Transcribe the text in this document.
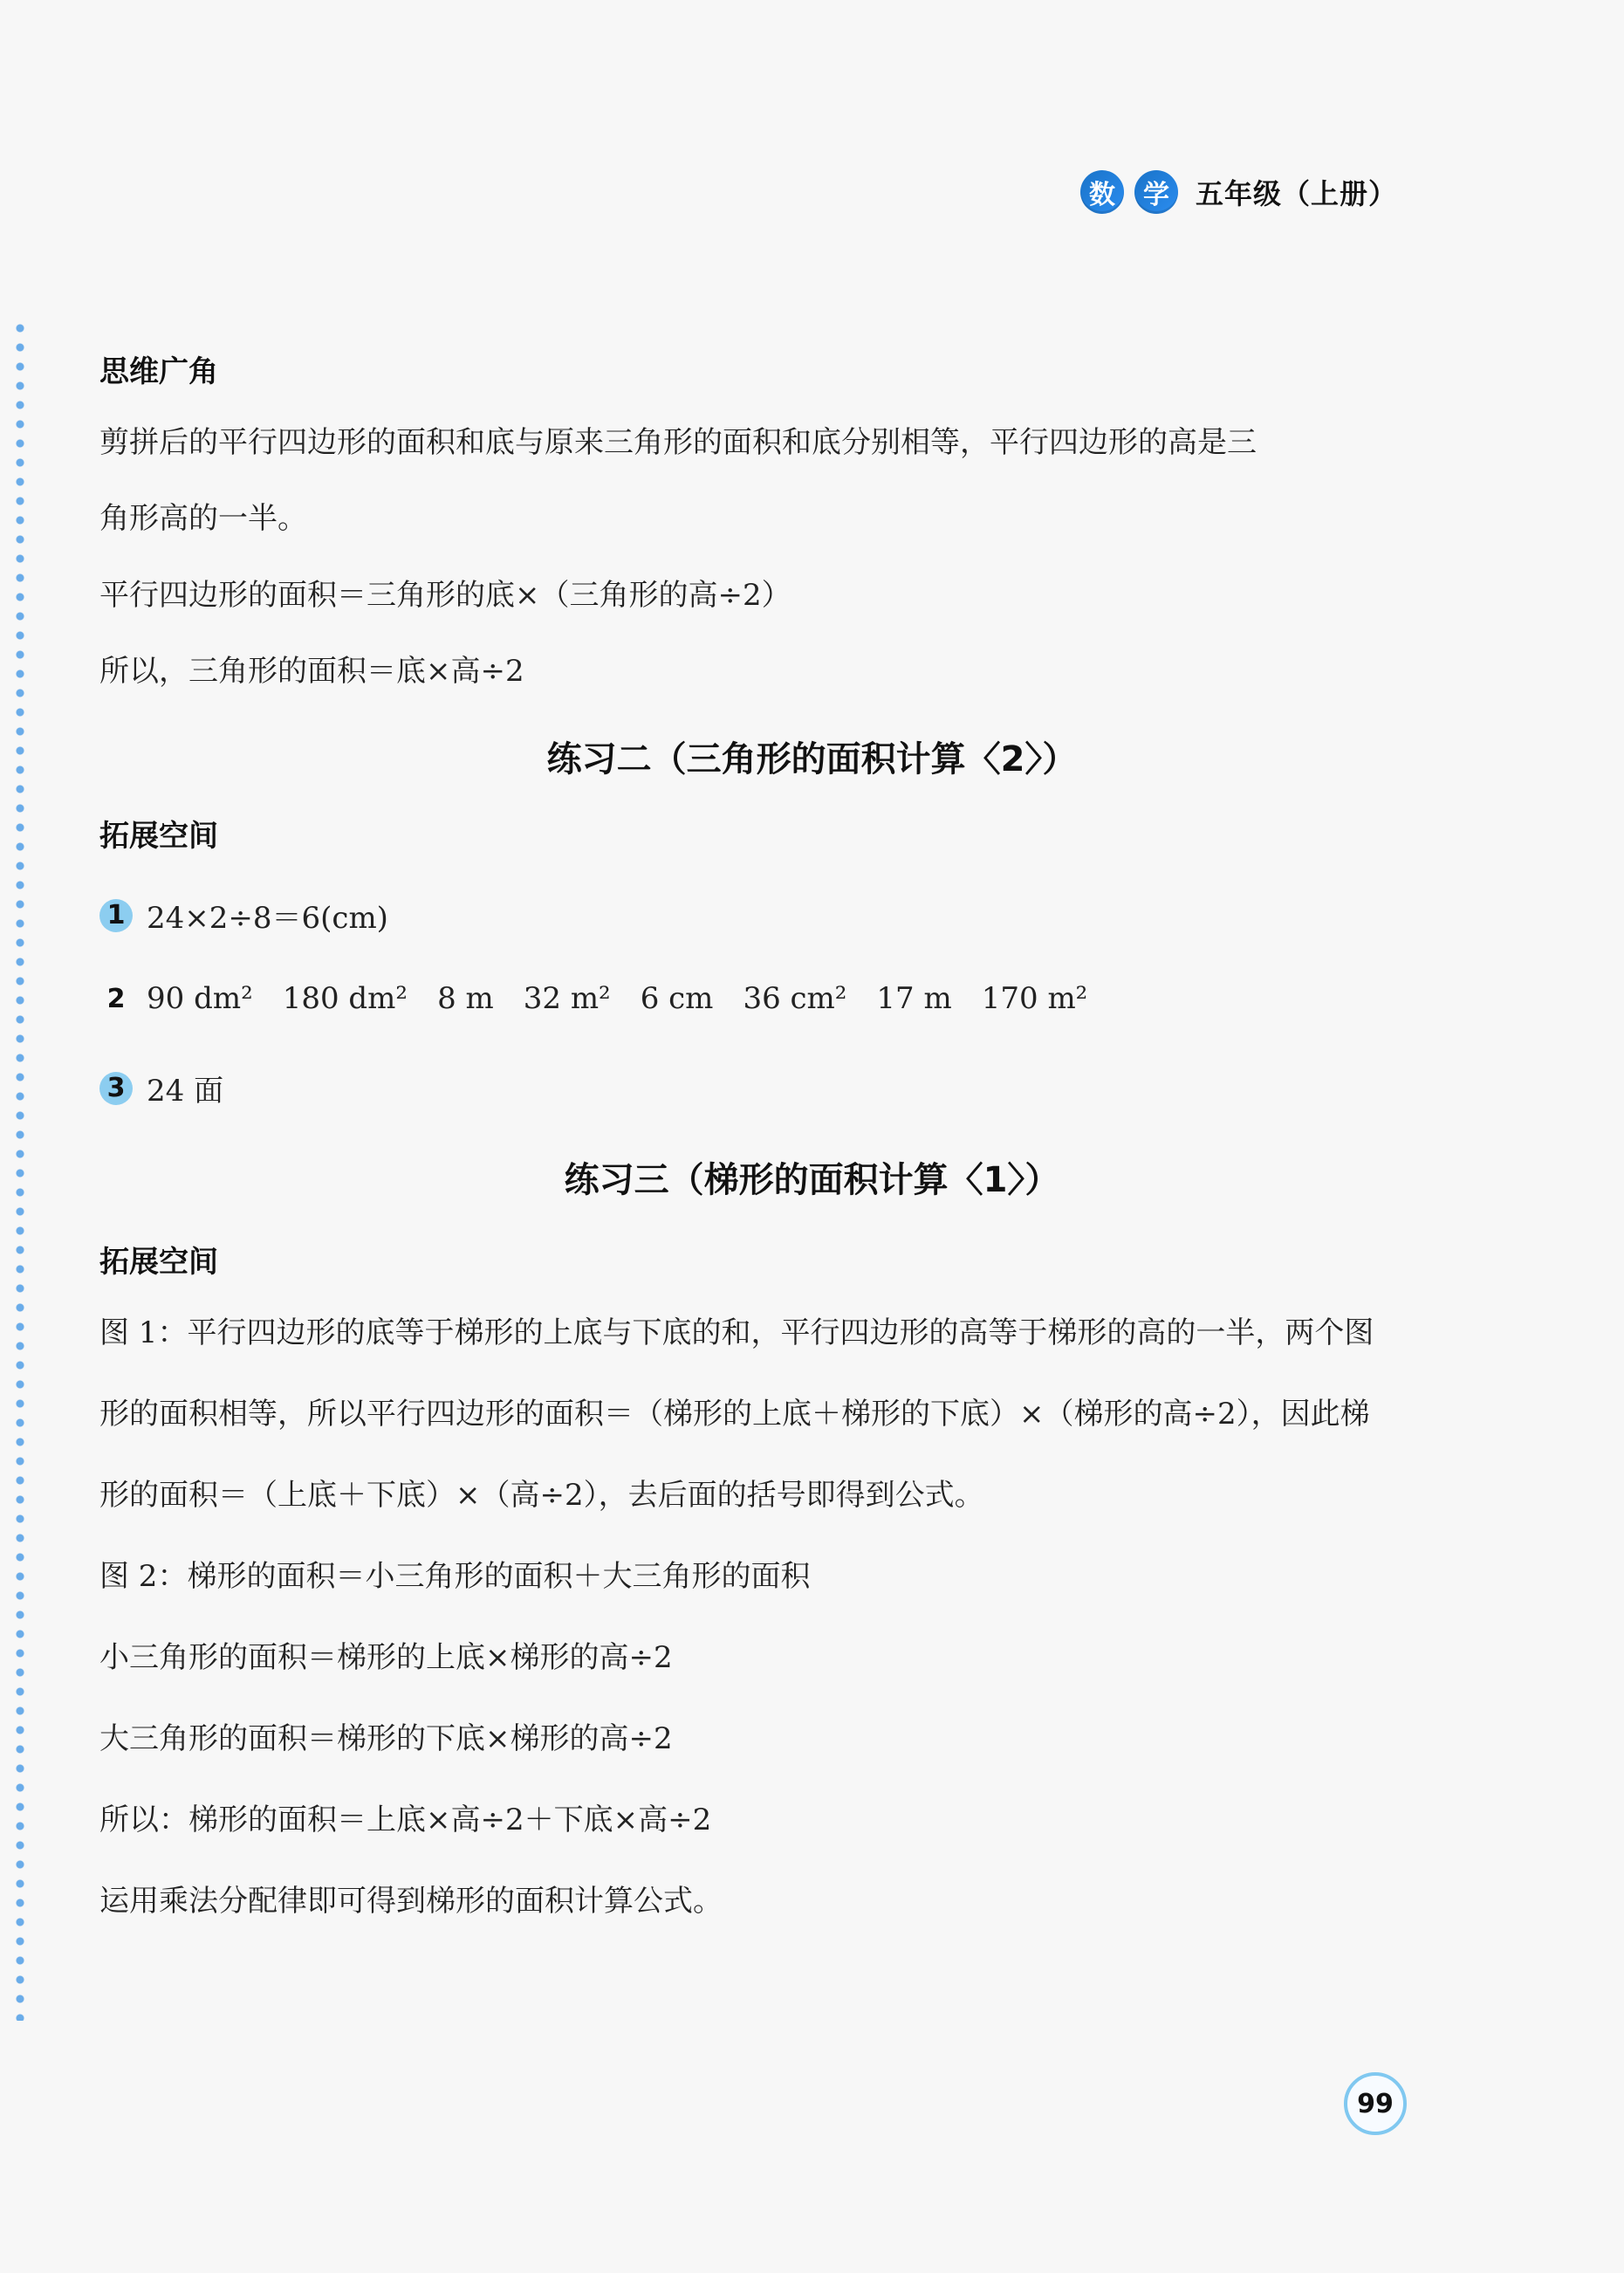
数	学 五年级（上册）
思维广角
剪拼后的平行四边形的面积和底与原来三角形的面积和底分别相等，平行四边形的高是三
角形高的一半。
平行四边形的面积＝三角形的底×（三角形的高÷2）
所以，三角形的面积＝底×高÷2
练习二（三角形的面积计算〈2〉）
拓展空间
1 24×2÷8＝6(cm)
2 90 dm² 180 dm² 8 m 32 m² 6 cm 36 cm² 17 m 170 m²
3 24 面
练习三（梯形的面积计算〈1〉）
拓展空间
图 1：平行四边形的底等于梯形的上底与下底的和，平行四边形的高等于梯形的高的一半，两个图
形的面积相等，所以平行四边形的面积＝（梯形的上底＋梯形的下底）×（梯形的高÷2），因此梯
形的面积＝（上底＋下底）×（高÷2），去后面的括号即得到公式。
图 2：梯形的面积＝小三角形的面积＋大三角形的面积
小三角形的面积＝梯形的上底×梯形的高÷2
大三角形的面积＝梯形的下底×梯形的高÷2
所以：梯形的面积＝上底×高÷2＋下底×高÷2
运用乘法分配律即可得到梯形的面积计算公式。
99
